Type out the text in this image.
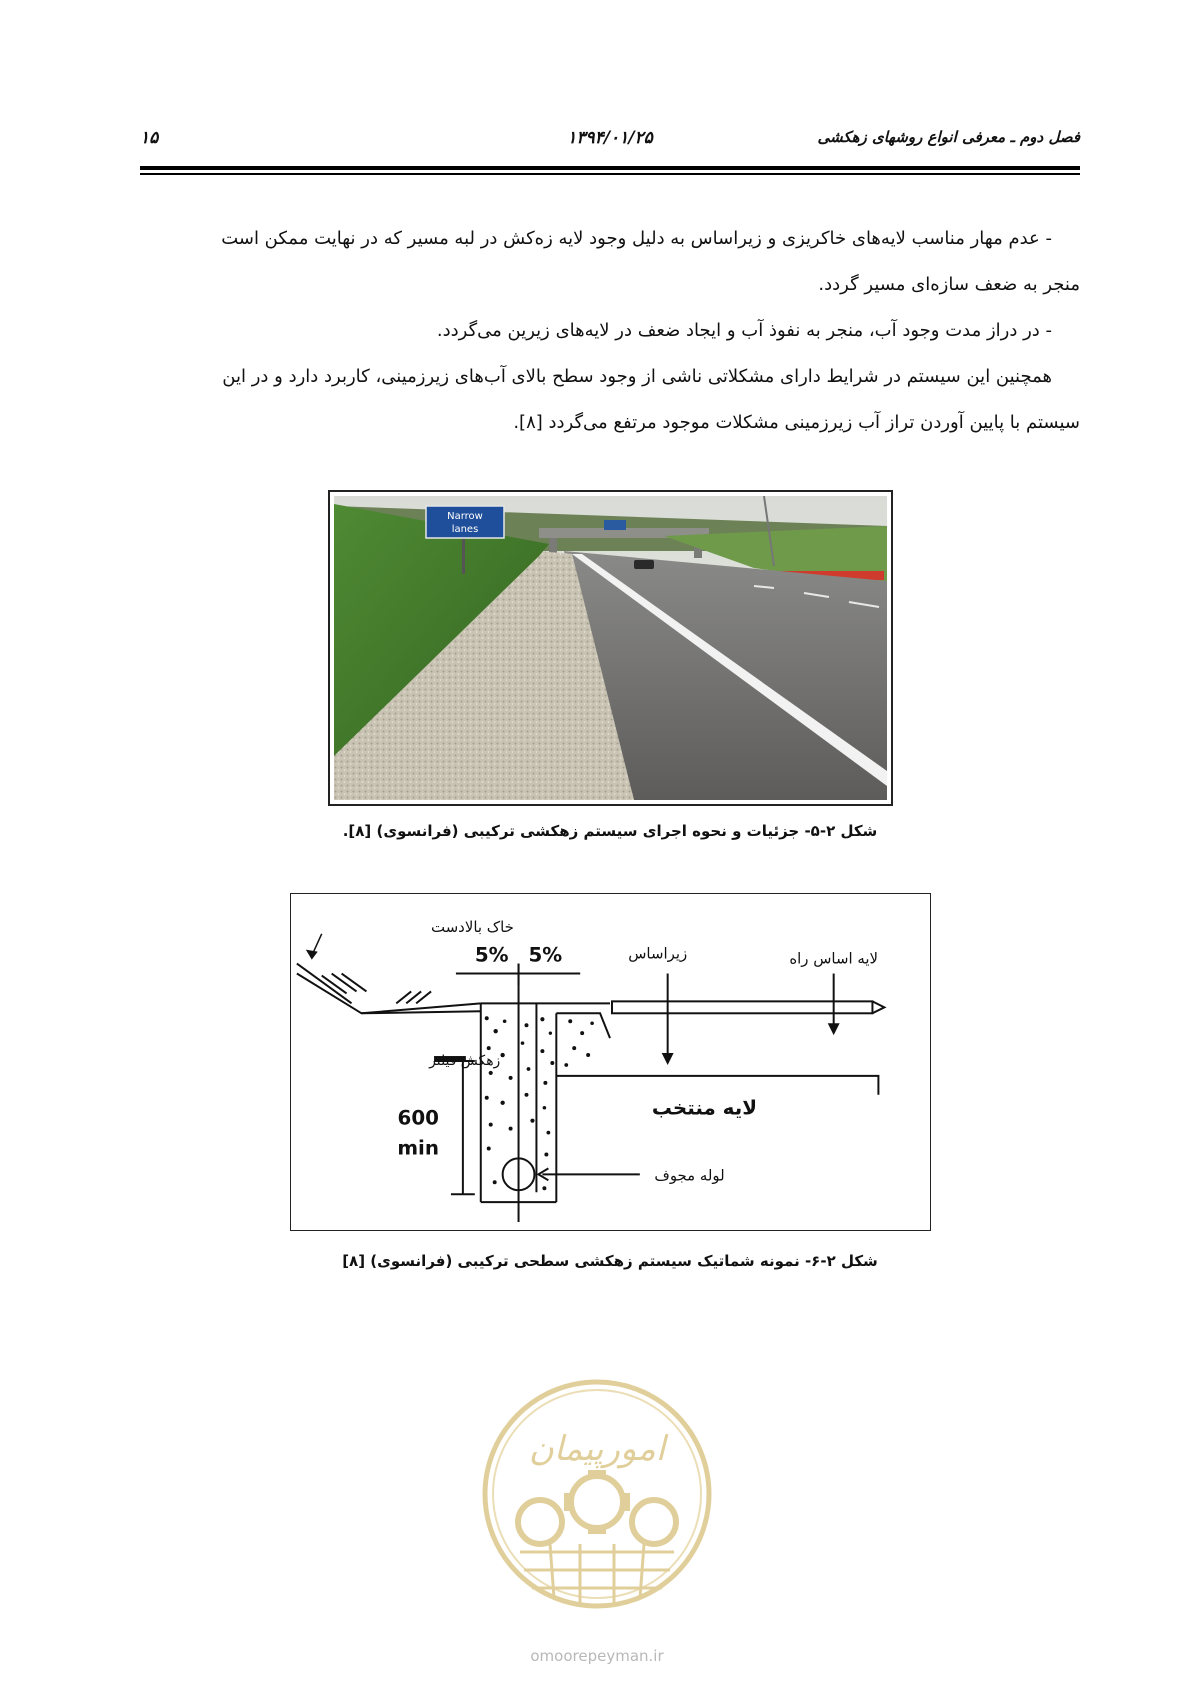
۱۵	۱۳۹۴/۰۱/۲۵	فصل دوم ـ معرفی انواع روشهای زهکشی

- عدم مهار مناسب لایه‌های خاکریزی و زیراساس به دلیل وجود لایه زه‌کش در لبه مسیر که در نهایت ممکن است

منجر به ضعف سازه‌ای مسیر گردد.

- در دراز مدت وجود آب، منجر به نفوذ آب و ایجاد ضعف در لایه‌های زیرین می‌گردد.

همچنین این سیستم در شرایط دارای مشکلاتی ناشی از وجود سطح بالای آب‌های زیرزمینی، کاربرد دارد و در این

سیستم با پایین آوردن تراز آب زیرزمینی مشکلات موجود مرتفع می‌گردد [۸].

Narrow
lanes
شکل ۲-۵- جزئیات و نحوه اجرای سیستم زهکشی ترکیبی (فرانسوی) [۸].
خاک بالادست
5% 5%	زیراساس	لایه اساس راه
زهکش فیلتر
600
min
لایه منتخب
لوله مجوف
شکل ۲-۶- نمونه شماتیک سیستم زهکشی سطحی ترکیبی (فرانسوی) [۸]
امورپیمان
omoorepeyman.ir
